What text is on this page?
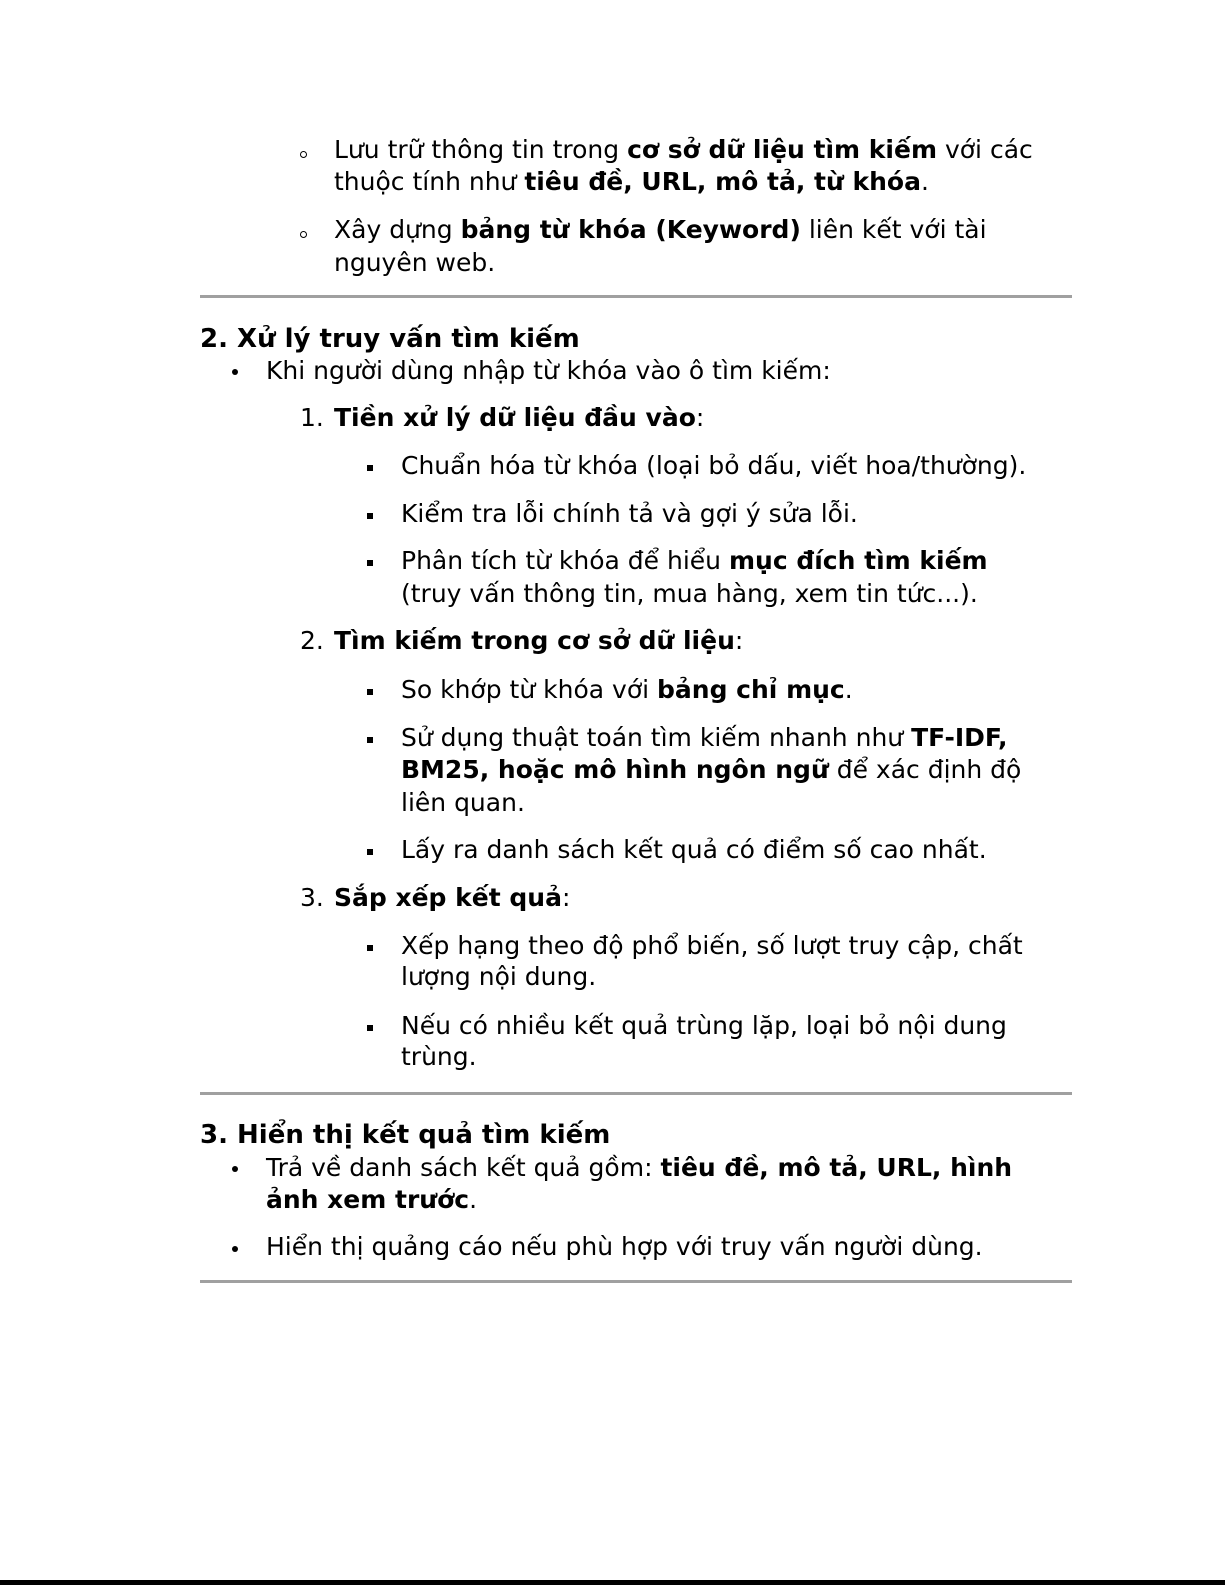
Lưu trữ thông tin trong cơ sở dữ liệu tìm kiếm với các
thuộc tính như tiêu đề, URL, mô tả, từ khóa.
Xây dựng bảng từ khóa (Keyword) liên kết với tài
nguyên web.
2. Xử lý truy vấn tìm kiếm
Khi người dùng nhập từ khóa vào ô tìm kiếm:
1. Tiền xử lý dữ liệu đầu vào:
Chuẩn hóa từ khóa (loại bỏ dấu, viết hoa/thường).
Kiểm tra lỗi chính tả và gợi ý sửa lỗi.
Phân tích từ khóa để hiểu mục đích tìm kiếm
(truy vấn thông tin, mua hàng, xem tin tức...).
2. Tìm kiếm trong cơ sở dữ liệu:
So khớp từ khóa với bảng chỉ mục.
Sử dụng thuật toán tìm kiếm nhanh như TF-IDF,
BM25, hoặc mô hình ngôn ngữ để xác định độ
liên quan.
Lấy ra danh sách kết quả có điểm số cao nhất.
3. Sắp xếp kết quả:
Xếp hạng theo độ phổ biến, số lượt truy cập, chất
lượng nội dung.
Nếu có nhiều kết quả trùng lặp, loại bỏ nội dung
trùng.
3. Hiển thị kết quả tìm kiếm
Trả về danh sách kết quả gồm: tiêu đề, mô tả, URL, hình
ảnh xem trước.
Hiển thị quảng cáo nếu phù hợp với truy vấn người dùng.
